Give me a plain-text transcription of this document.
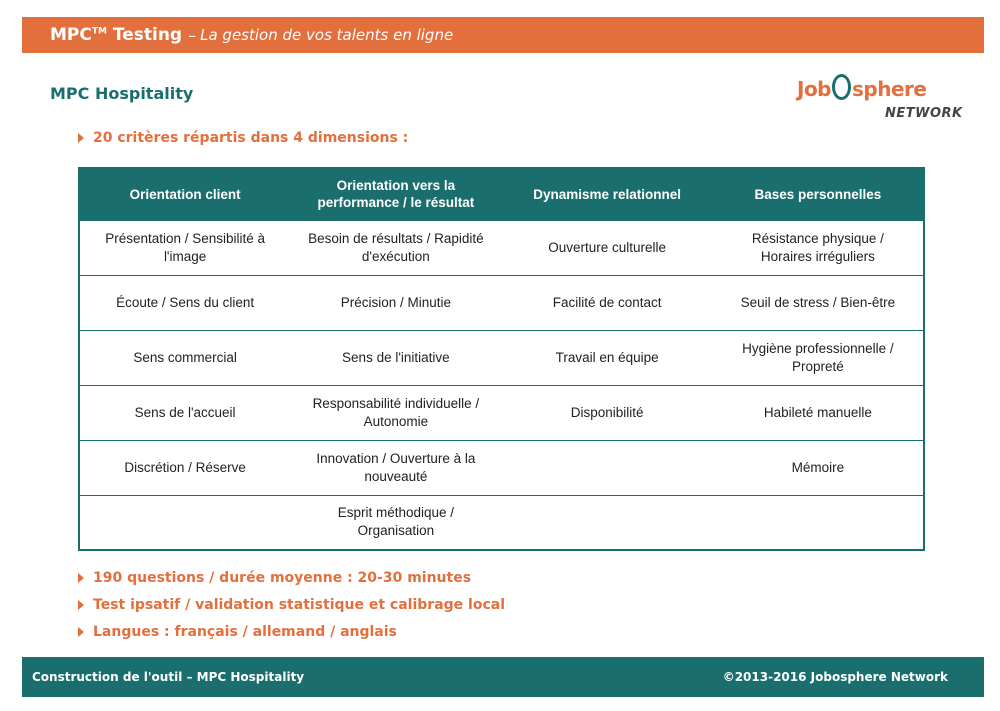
MPC™ Testing – La gestion de vos talents en ligne
MPC Hospitality	Job sphere
NETWORK
20 critères répartis dans 4 dimensions :
Orientation client	Orientation vers la performance / le résultat	Dynamisme relationnel	Bases personnelles
Présentation / Sensibilité à l'image	Besoin de résultats / Rapidité d'exécution	Ouverture culturelle	Résistance physique / Horaires irréguliers
Écoute / Sens du client	Précision / Minutie	Facilité de contact	Seuil de stress / Bien-être
Sens commercial	Sens de l'initiative	Travail en équipe	Hygiène professionnelle / Propreté
Sens de l'accueil	Responsabilité individuelle / Autonomie	Disponibilité	Habileté manuelle
Discrétion / Réserve	Innovation / Ouverture à la nouveauté		Mémoire
	Esprit méthodique / Organisation		
190 questions / durée moyenne : 20-30 minutes
Test ipsatif / validation statistique et calibrage local
Langues : français / allemand / anglais
Construction de l'outil – MPC Hospitality	©2013-2016 Jobosphere Network
